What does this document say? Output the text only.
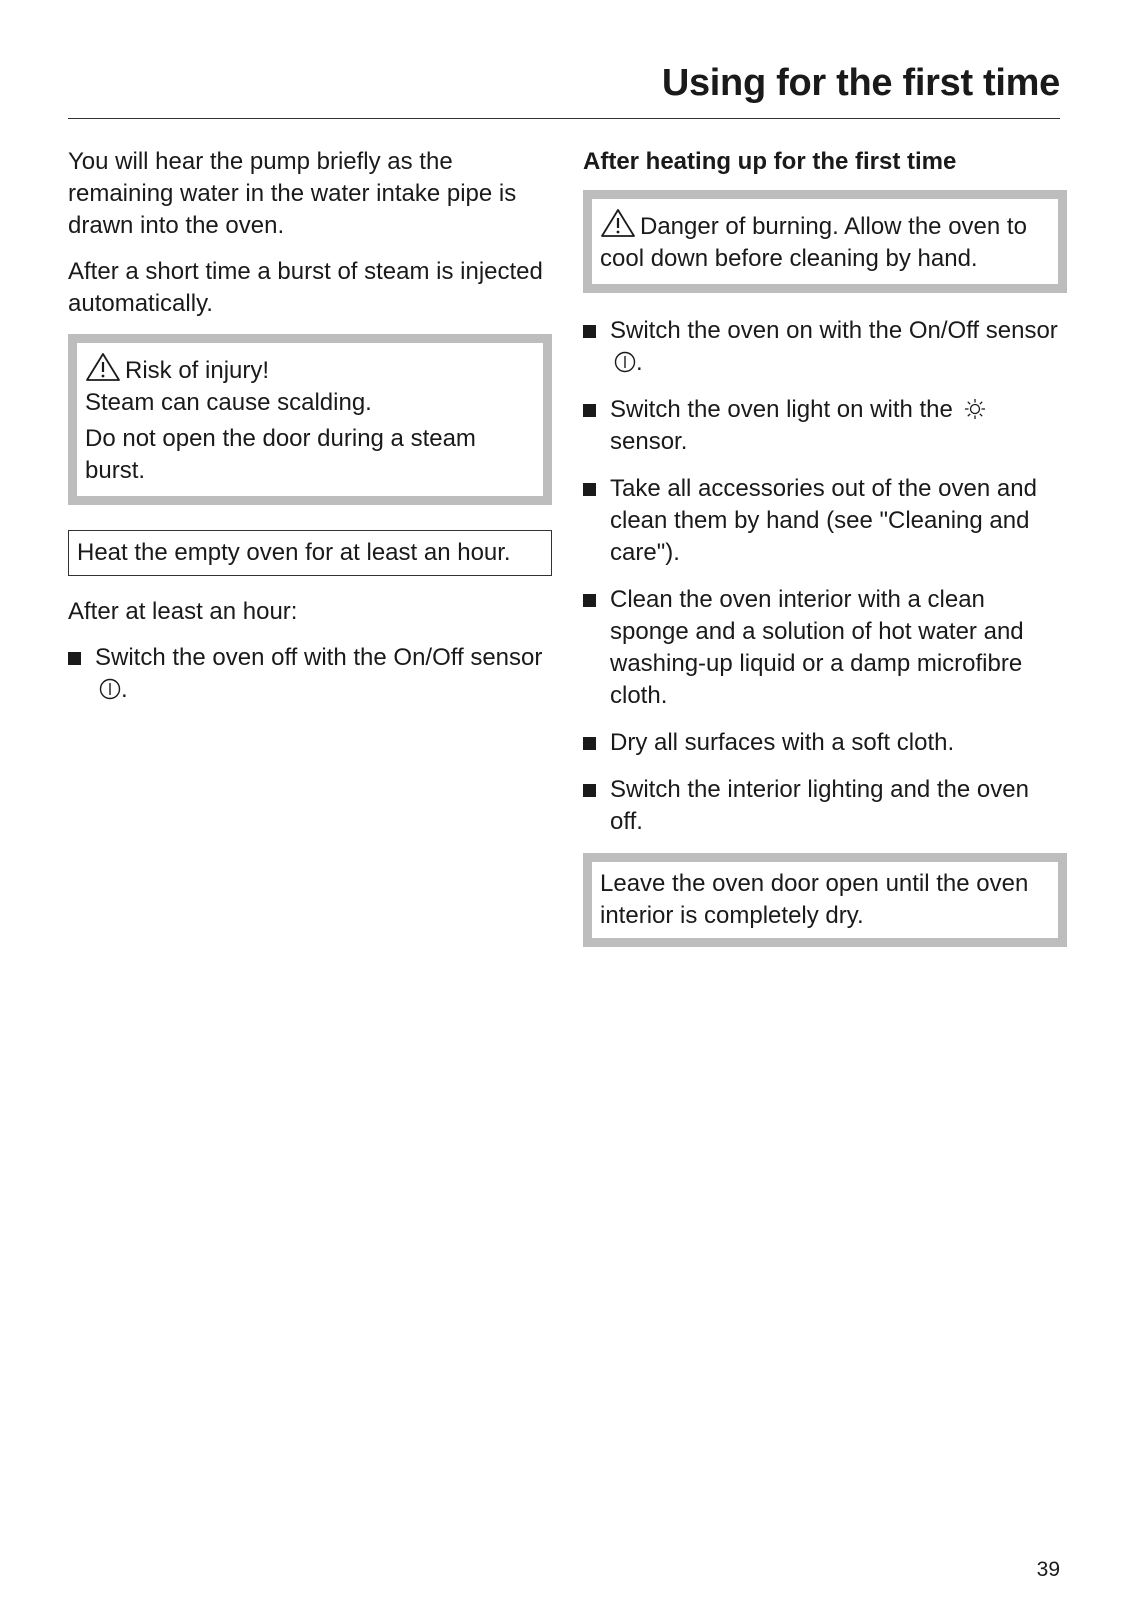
Using for the first time

You will hear the pump briefly as the remaining water in the water intake pipe is drawn into the oven.

After a short time a burst of steam is injected automatically.

Risk of injury!

Steam can cause scalding.

Do not open the door during a steam burst.

Heat the empty oven for at least an hour.

After at least an hour:

Switch the oven off with the On/Off sensor .

After heating up for the first time

Danger of burning. Allow the oven to cool down before cleaning by hand.

Switch the oven on with the On/Off sensor .
Switch the oven light on with the
sensor.
Take all accessories out of the oven and clean them by hand (see "Cleaning and care").
Clean the oven interior with a clean sponge and a solution of hot water and washing-up liquid or a damp microfibre cloth.
Dry all surfaces with a soft cloth.
Switch the interior lighting and the oven off.

Leave the oven door open until the oven interior is completely dry.

39
